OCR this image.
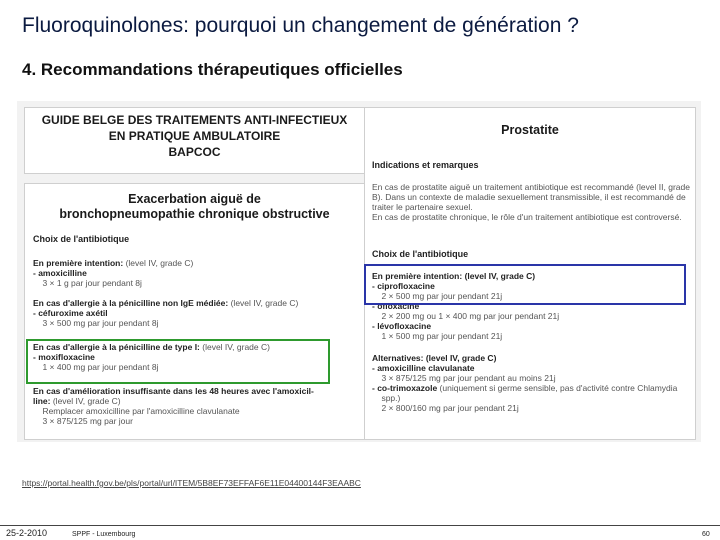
Fluoroquinolones: pourquoi un changement de génération ?
4. Recommandations thérapeutiques officielles
GUIDE BELGE DES TRAITEMENTS ANTI-INFECTIEUX
EN PRATIQUE AMBULATOIRE
BAPCOC
Exacerbation aiguë de
bronchopneumopathie chronique obstructive
Choix de l'antibiotique
En première intention: (level IV, grade C)
- amoxicilline
3 × 1 g par jour pendant 8j
En cas d'allergie à la pénicilline non IgE médiée: (level IV, grade C)
- céfuroxime axétil
3 × 500 mg par jour pendant 8j
En cas d'allergie à la pénicilline de type I: (level IV, grade C)
- moxifloxacine
1 × 400 mg par jour pendant 8j
En cas d'amélioration insuffisante dans les 48 heures avec l'amoxicil-
line: (level IV, grade C)
Remplacer amoxicilline par l'amoxicilline clavulanate
3 × 875/125 mg par jour
Prostatite
Indications et remarques
En cas de prostatite aiguë un traitement antibiotique est recommandé (level II, grade
B). Dans un contexte de maladie sexuellement transmissible, il est recommandé de
traiter le partenaire sexuel.
En cas de prostatite chronique, le rôle d'un traitement antibiotique est controversé.
Choix de l'antibiotique
En première intention: (level IV, grade C)
- ciprofloxacine
2 × 500 mg par jour pendant 21j
- ofloxacine
2 × 200 mg ou 1 × 400 mg par jour pendant 21j
- lévofloxacine
1 × 500 mg par jour pendant 21j
Alternatives: (level IV, grade C)
- amoxicilline clavulanate
3 × 875/125 mg par jour pendant au moins 21j
- co-trimoxazole (uniquement si germe sensible, pas d'activité contre Chlamydia
spp.)
2 × 800/160 mg par jour pendant 21j
https://portal.health.fgov.be/pls/portal/url/ITEM/5B8EF73EFFAF6E11E04400144F3EAABC
25-2-2010	SPPF - Luxembourg	60
